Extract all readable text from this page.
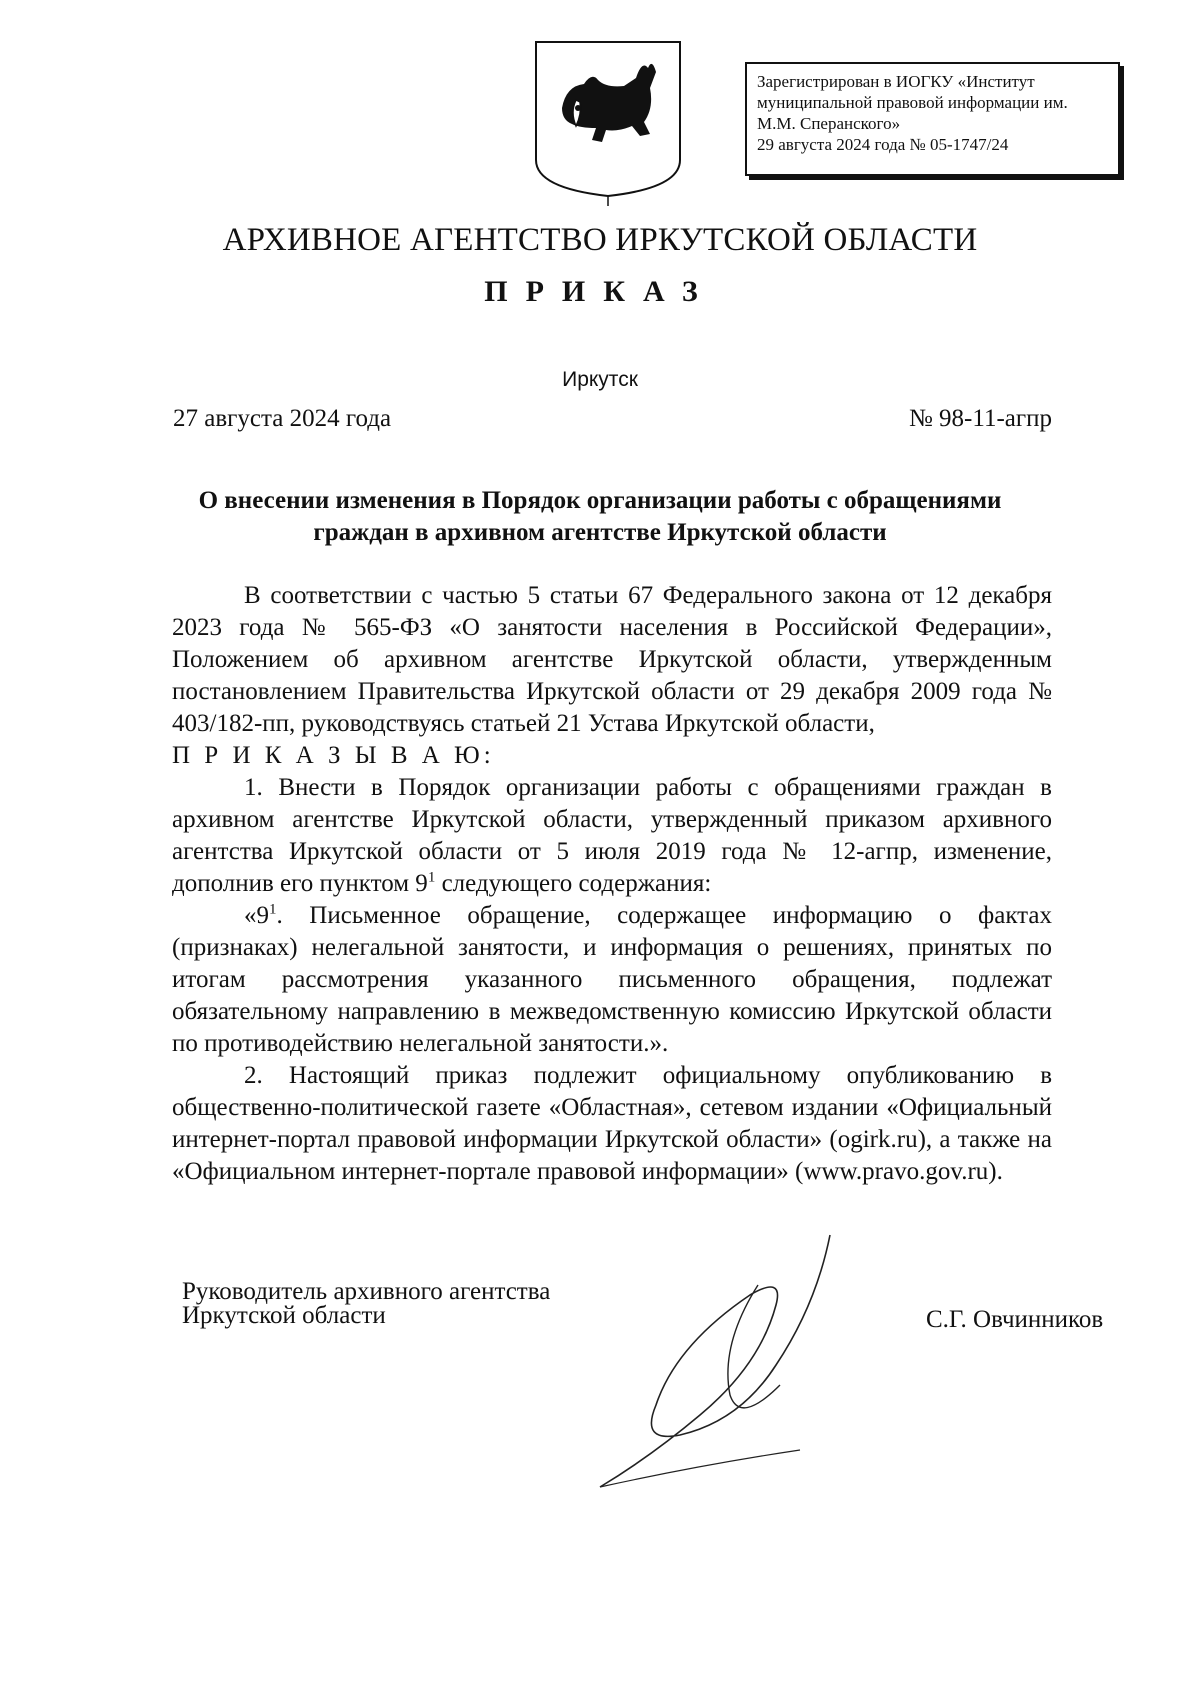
Зарегистрирован в ИОГКУ «Институт
муниципальной правовой информации им.
М.М. Сперанского»
29 августа 2024 года № 05-1747/24
АРХИВНОЕ АГЕНТСТВО ИРКУТСКОЙ ОБЛАСТИ
ПРИКАЗ
Иркутск
27 августа 2024 года	№ 98-11-агпр
О внесении изменения в Порядок организации работы с обращениями
граждан в архивном агентстве Иркутской области

В соответствии с частью 5 статьи 67 Федерального закона от 12 декабря 2023 года № 565-ФЗ «О занятости населения в Российской Федерации», Положением об архивном агентстве Иркутской области, утвержденным постановлением Правительства Иркутской области от 29 декабря 2009 года № 403/182-пп, руководствуясь статьей 21 Устава Иркутской области,

П Р И К А З Ы В А Ю:

1. Внести в Порядок организации работы с обращениями граждан в архивном агентстве Иркутской области, утвержденный приказом архивного агентства Иркутской области от 5 июля 2019 года № 12-агпр, изменение, дополнив его пунктом $9^1$ следующего содержания:

«$9^1$. Письменное обращение, содержащее информацию о фактах (признаках) нелегальной занятости, и информация о решениях, принятых по итогам рассмотрения указанного письменного обращения, подлежат обязательному направлению в межведомственную комиссию Иркутской области по противодействию нелегальной занятости.».

2. Настоящий приказ подлежит официальному опубликованию в общественно-политической газете «Областная», сетевом издании «Официальный интернет-портал правовой информации Иркутской области» (ogirk.ru), а также на «Официальном интернет-портале правовой информации» (www.pravo.gov.ru).

Руководитель архивного агентства
Иркутской области	С.Г. Овчинников
